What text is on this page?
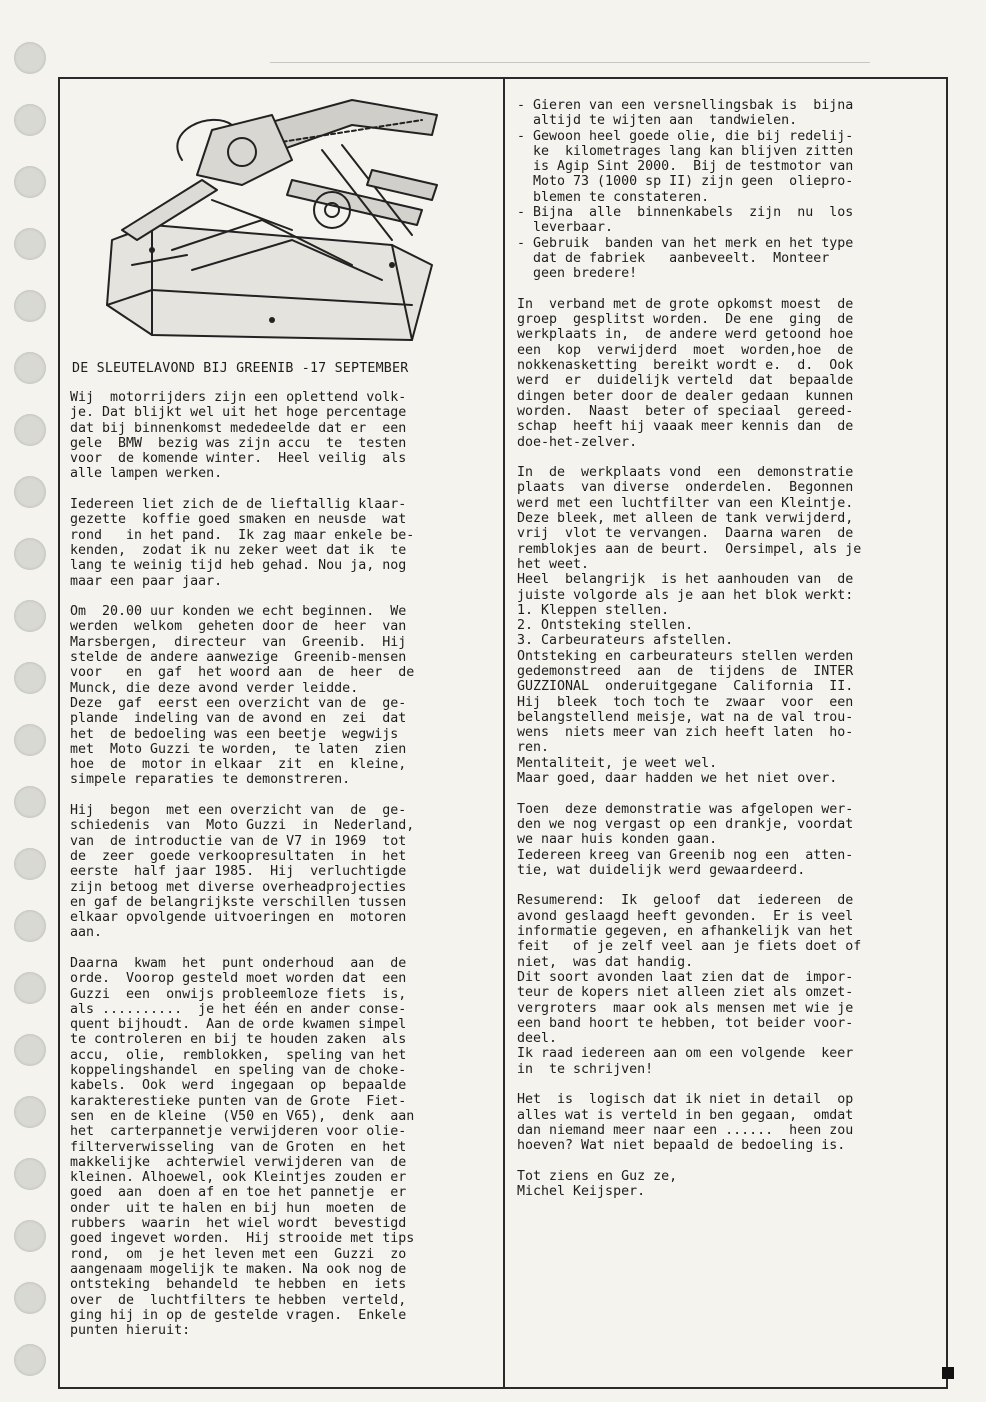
DE SLEUTELAVOND BIJ GREENIB -17 SEPTEMBER
Wij  motorrijders zijn een oplettend volk-
je. Dat blijkt wel uit het hoge percentage
dat bij binnenkomst mededeelde dat er  een
gele  BMW  bezig was zijn accu  te  testen
voor  de komende winter.  Heel veilig  als
alle lampen werken.
Iedereen liet zich de de lieftallig klaar-
gezette  koffie goed smaken en neusde  wat
rond   in het pand.  Ik zag maar enkele be-
kenden,  zodat ik nu zeker weet dat ik  te
lang te weinig tijd heb gehad. Nou ja, nog
maar een paar jaar.
Om  20.00 uur konden we echt beginnen.  We
werden  welkom  geheten door de  heer  van
Marsbergen,  directeur  van  Greenib.  Hij
stelde de andere aanwezige  Greenib-mensen
voor   en  gaf  het woord aan  de  heer  de
Munck, die deze avond verder leidde.
Deze  gaf  eerst een overzicht van de  ge-
plande  indeling van de avond en  zei  dat
het  de bedoeling was een beetje  wegwijs
met  Moto Guzzi te worden,  te laten  zien
hoe  de  motor in elkaar  zit  en  kleine,
simpele reparaties te demonstreren.
Hij  begon  met een overzicht van  de  ge-
schiedenis  van  Moto Guzzi  in  Nederland,
van  de introductie van de V7 in 1969  tot
de  zeer  goede verkoopresultaten  in  het
eerste  half jaar 1985.  Hij  verluchtigde
zijn betoog met diverse overheadprojecties
en gaf de belangrijkste verschillen tussen
elkaar opvolgende uitvoeringen en  motoren
aan.
Daarna  kwam  het  punt onderhoud  aan  de
orde.  Voorop gesteld moet worden dat  een
Guzzi  een  onwijs probleemloze fiets  is,
als ..........  je het één en ander conse-
quent bijhoudt.  Aan de orde kwamen simpel
te controleren en bij te houden zaken  als
accu,  olie,  remblokken,  speling van het
koppelingshandel  en speling van de choke-
kabels.  Ook  werd  ingegaan  op  bepaalde
karakterestieke punten van de Grote  Fiet-
sen  en de kleine  (V50 en V65),  denk  aan
het  carterpannetje verwijderen voor olie-
filterverwisseling  van de Groten  en  het
makkelijke  achterwiel verwijderen van  de
kleinen. Alhoewel, ook Kleintjes zouden er
goed  aan  doen af en toe het pannetje  er
onder  uit te halen en bij hun  moeten  de
rubbers  waarin  het wiel wordt  bevestigd
goed ingevet worden.  Hij strooide met tips
rond,  om  je het leven met een  Guzzi  zo
aangenaam mogelijk te maken. Na ook nog de
ontsteking  behandeld  te hebben  en  iets
over  de  luchtfilters te hebben  verteld,
ging hij in op de gestelde vragen.  Enkele
punten hieruit:
- Gieren van een versnellingsbak is  bijna
altijd te wijten aan  tandwielen.
- Gewoon heel goede olie, die bij redelij-
ke  kilometrages lang kan blijven zitten
is Agip Sint 2000.  Bij de testmotor van
Moto 73 (1000 sp II) zijn geen  oliepro-
blemen te constateren.
- Bijna  alle  binnenkabels  zijn  nu  los
leverbaar.
- Gebruik  banden van het merk en het type
dat de fabriek   aanbeveelt.  Monteer
geen bredere!
In  verband met de grote opkomst moest  de
groep  gesplitst worden.  De ene  ging  de
werkplaats in,  de andere werd getoond hoe
een  kop  verwijderd  moet  worden,hoe  de
nokkenasketting  bereikt wordt e.  d.  Ook
werd  er  duidelijk verteld  dat  bepaalde
dingen beter door de dealer gedaan  kunnen
worden.  Naast  beter of speciaal  gereed-
schap  heeft hij vaaak meer kennis dan  de
doe-het-zelver.
In  de  werkplaats vond  een  demonstratie
plaats  van diverse  onderdelen.  Begonnen
werd met een luchtfilter van een Kleintje.
Deze bleek, met alleen de tank verwijderd,
vrij  vlot te vervangen.  Daarna waren  de
remblokjes aan de beurt.  Oersimpel, als je
het weet.
Heel  belangrijk  is het aanhouden van  de
juiste volgorde als je aan het blok werkt:
1. Kleppen stellen.
2. Ontsteking stellen.
3. Carbeurateurs afstellen.
Ontsteking en carbeurateurs stellen werden
gedemonstreed  aan  de  tijdens  de  INTER
GUZZIONAL  onderuitgegane  California  II.
Hij  bleek  toch toch te  zwaar  voor  een
belangstellend meisje, wat na de val trou-
wens  niets meer van zich heeft laten  ho-
ren.
Mentaliteit, je weet wel.
Maar goed, daar hadden we het niet over.
Toen  deze demonstratie was afgelopen wer-
den we nog vergast op een drankje, voordat
we naar huis konden gaan.
Iedereen kreeg van Greenib nog een  atten-
tie, wat duidelijk werd gewaardeerd.
Resumerend:  Ik  geloof  dat  iedereen  de
avond geslaagd heeft gevonden.  Er is veel
informatie gegeven, en afhankelijk van het
feit   of je zelf veel aan je fiets doet of
niet,  was dat handig.
Dit soort avonden laat zien dat de  impor-
teur de kopers niet alleen ziet als omzet-
vergroters  maar ook als mensen met wie je
een band hoort te hebben, tot beider voor-
deel.
Ik raad iedereen aan om een volgende  keer
in  te schrijven!
Het  is  logisch dat ik niet in detail  op
alles wat is verteld in ben gegaan,  omdat
dan niemand meer naar een ......  heen zou
hoeven? Wat niet bepaald de bedoeling is.
Tot ziens en Guz ze,
Michel Keijsper.
